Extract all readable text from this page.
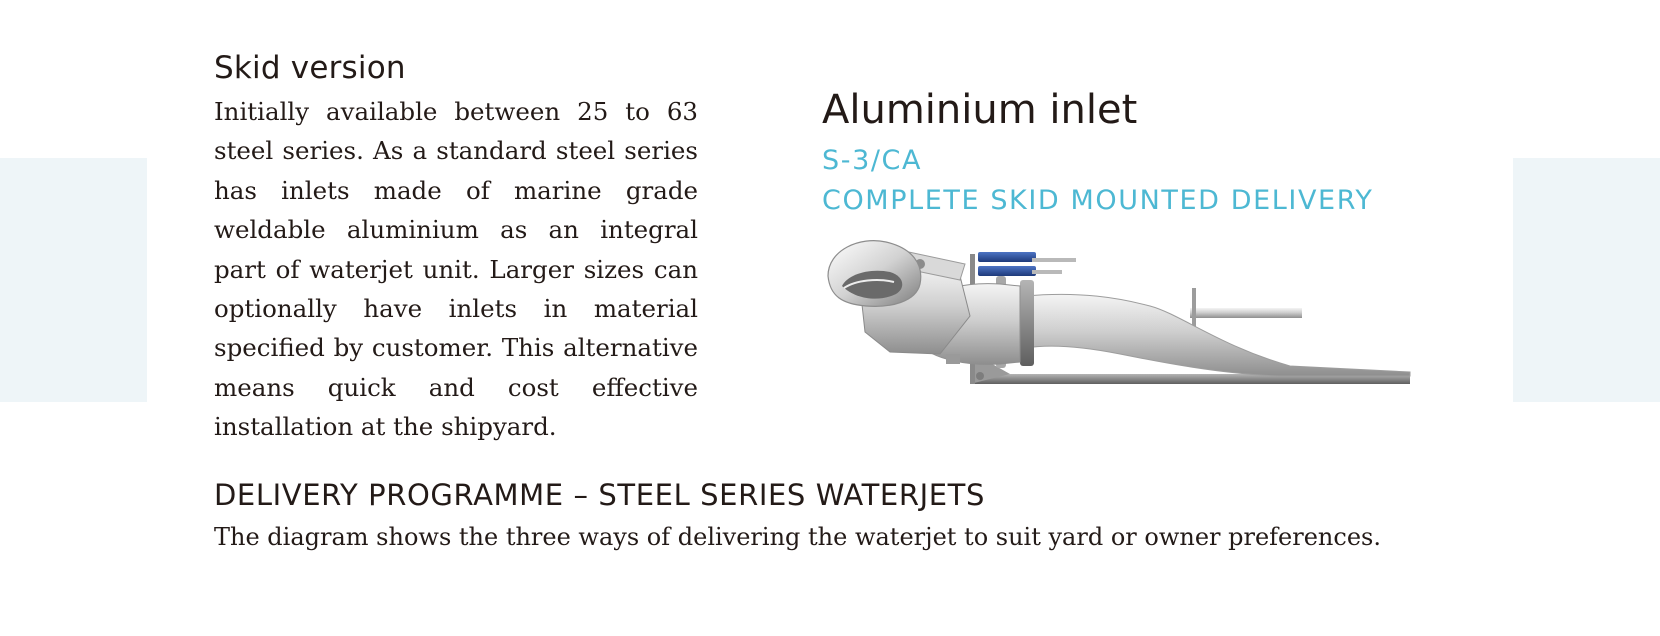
Skid version

Initially available between 25 to 63 steel series. As a standard steel series has inlets made of marine grade weldable aluminium as an integral part of waterjet unit. Larger sizes can optionally have inlets in material specified by customer. This alternative means quick and cost effective installation at the shipyard.

Aluminium inlet
S-3/CA
COMPLETE SKID MOUNTED DELIVERY
DELIVERY PROGRAMME – STEEL SERIES WATERJETS

The diagram shows the three ways of delivering the waterjet to suit yard or owner preferences.
